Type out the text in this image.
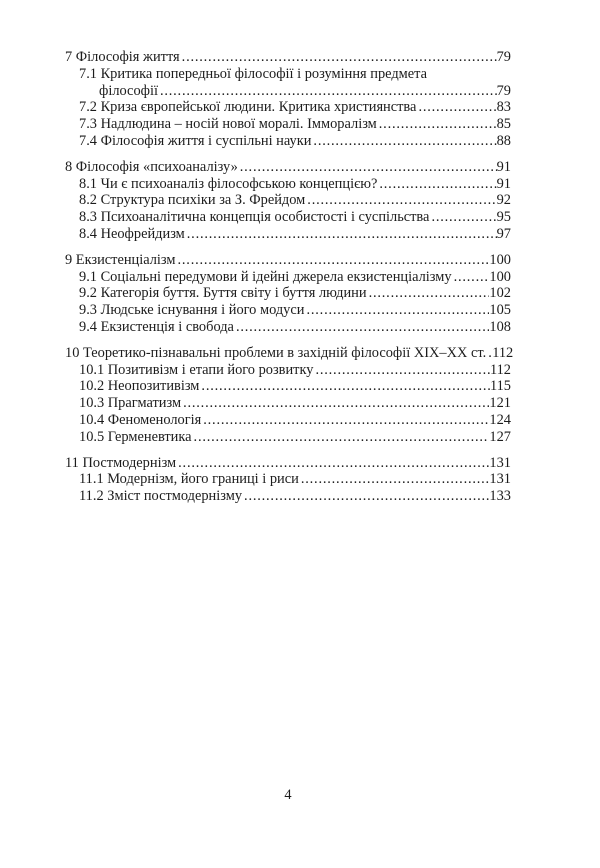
7 Філософія життя .....	79
7.1 Критика попередньої філософії і розуміння предмета
філософії .....	79
7.2 Криза європейської людини. Критика християнства .....	83
7.3 Надлюдина – носій нової моралі. Імморалізм .....	85
7.4 Філософія життя і суспільні науки .....	88
8 Філософія «психоаналізу» .....	91
8.1 Чи є психоаналіз філософською концепцією? .....	91
8.2 Структура психіки за З. Фрейдом .....	92
8.3 Психоаналітична концепція особистості і суспільства .....	95
8.4 Неофрейдизм .....	97
9 Екзистенціалізм .....	100
9.1 Соціальні передумови й ідейні джерела екзистенціалізму .....	100
9.2 Категорія буття. Буття світу і буття людини .....	102
9.3 Людське існування і його модуси .....	105
9.4 Екзистенція і свобода .....	108
10 Теоретико-пізнавальні проблеми в західній філософії XIX–XX ст. ..... 112
10.1 Позитивізм і етапи його розвитку .....	112
10.2 Неопозитивізм .....	115
10.3 Прагматизм .....	121
10.4 Феноменологія .....	124
10.5 Герменевтика .....	127
11 Постмодернізм .....	131
11.1 Модернізм, його границі і риси .....	131
11.2 Зміст постмодернізму .....	133
4
